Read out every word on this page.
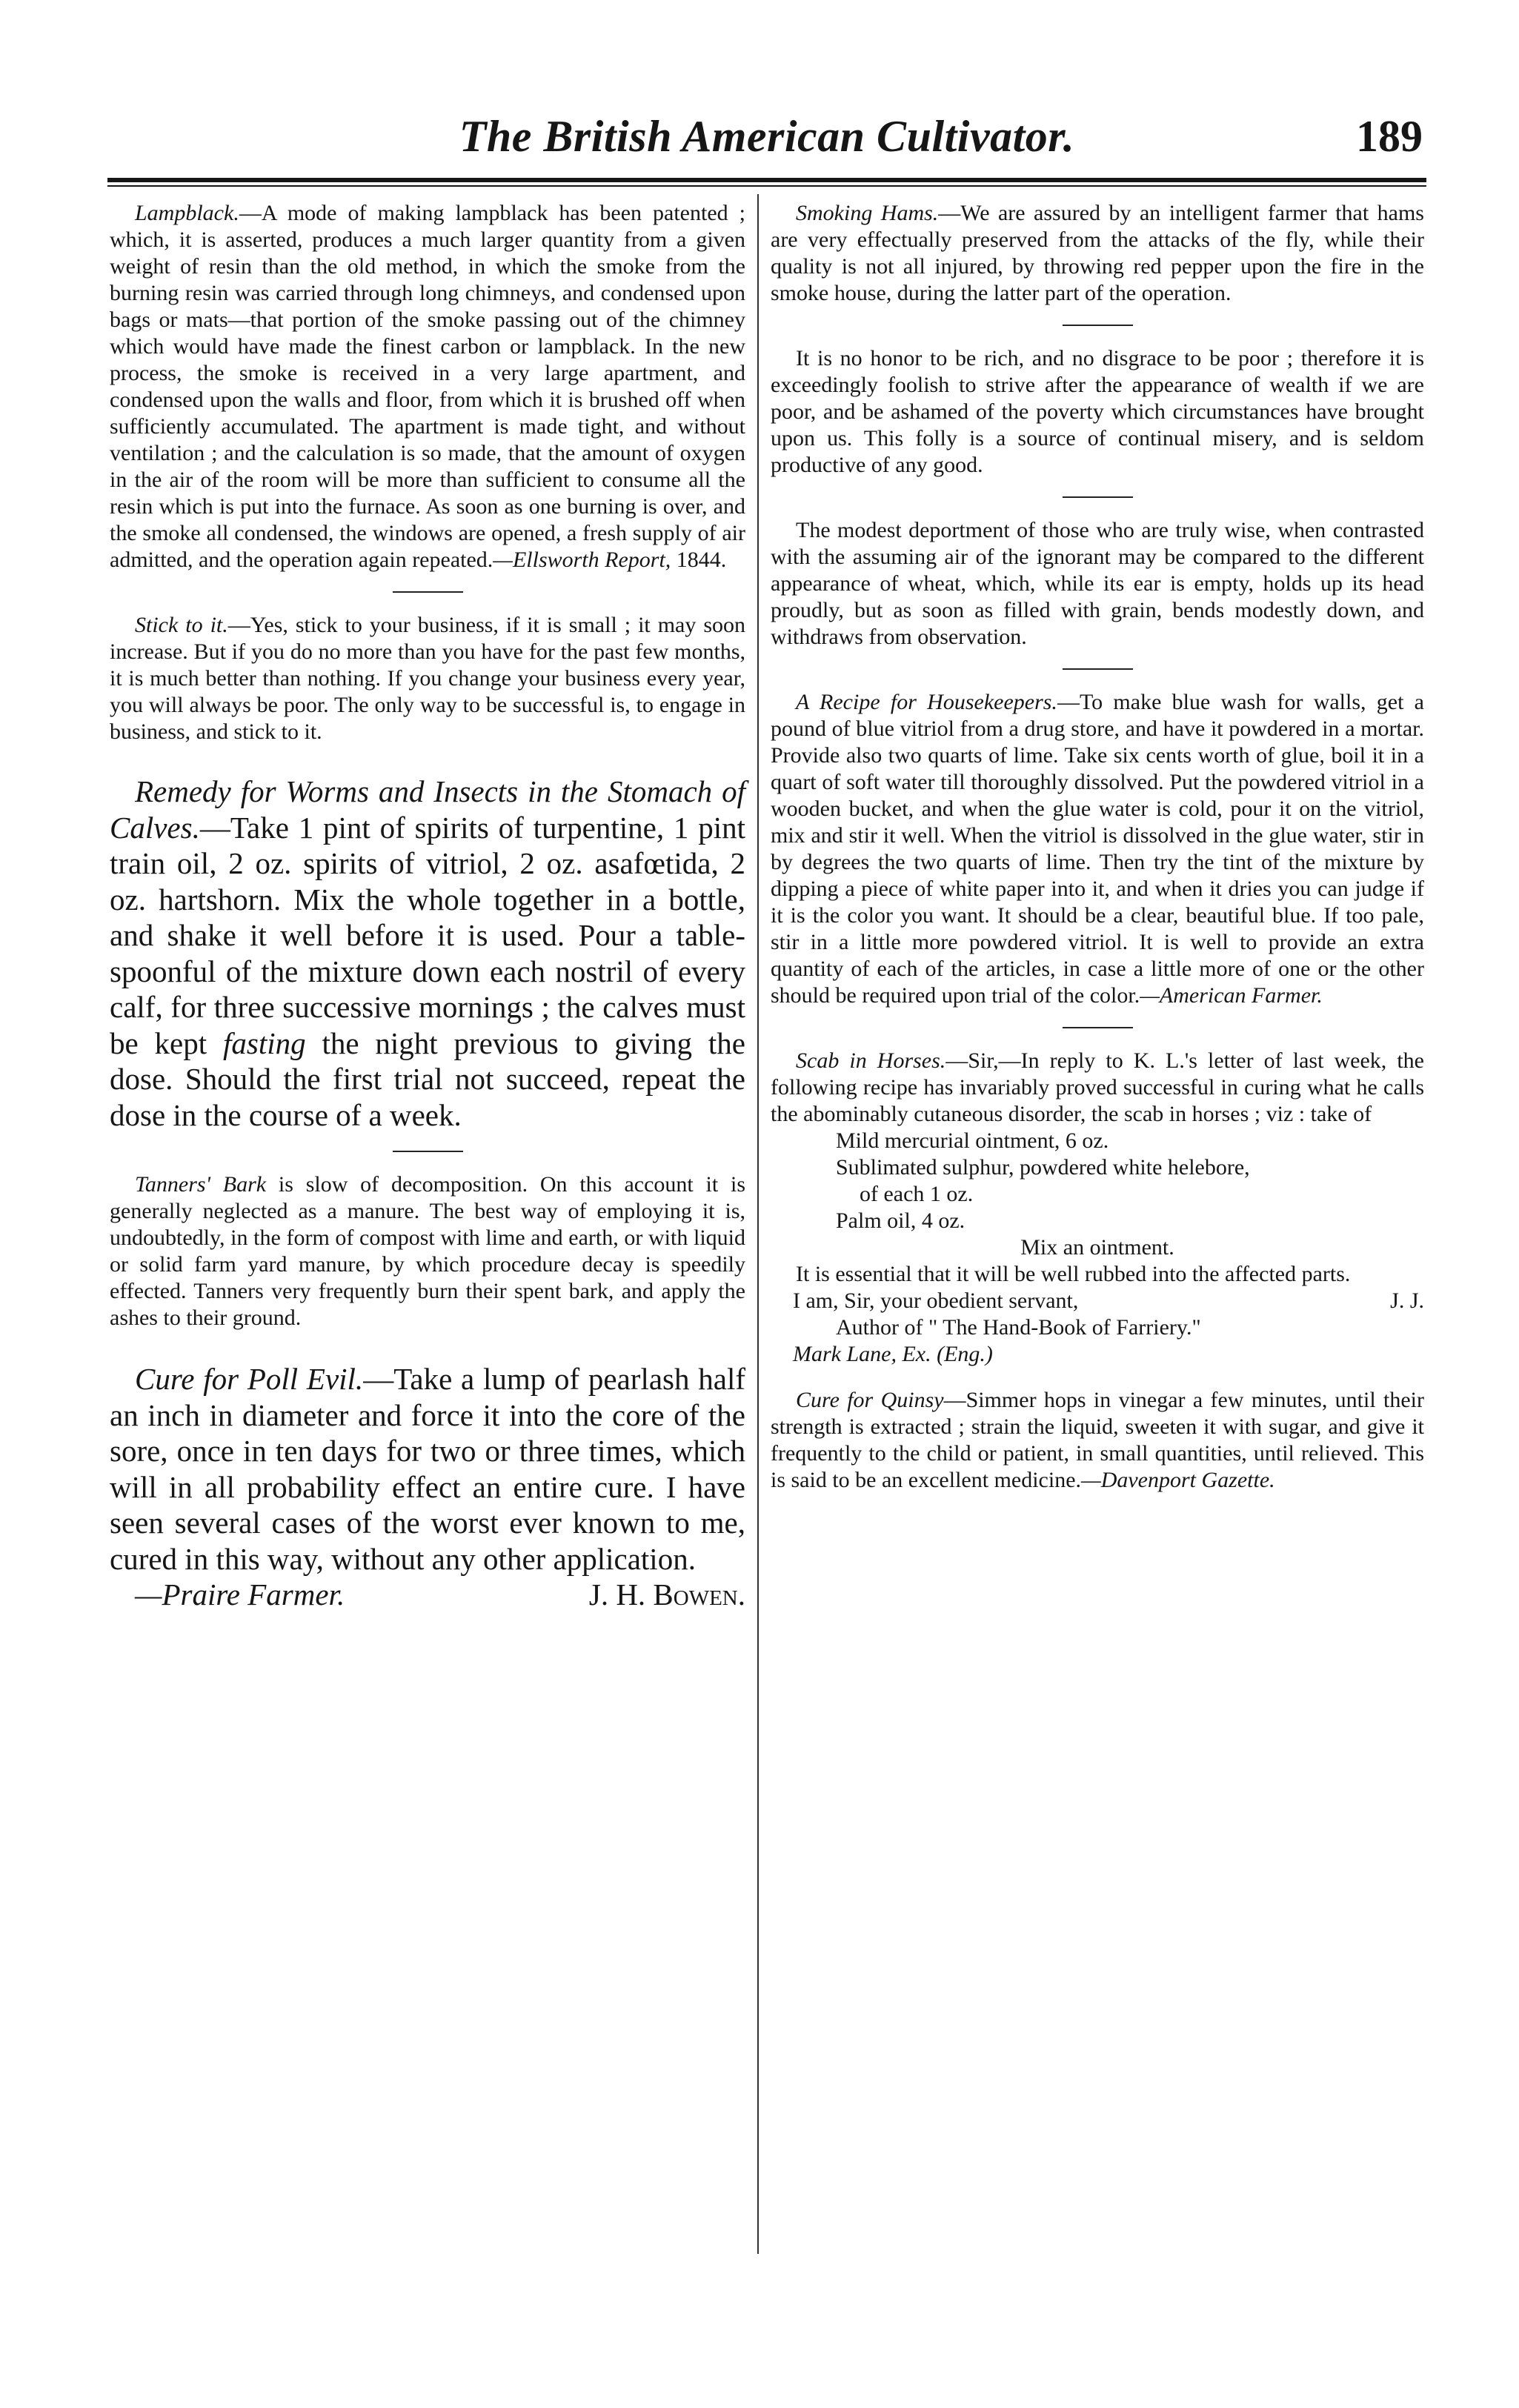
The British American Cultivator.	189

Lampblack.—A mode of making lampblack has been patented ; which, it is asserted, produces a much larger quantity from a given weight of resin than the old method, in which the smoke from the burning resin was carried through long chimneys, and condensed upon bags or mats—that portion of the smoke passing out of the chimney which would have made the finest carbon or lampblack. In the new process, the smoke is received in a very large apartment, and condensed upon the walls and floor, from which it is brushed off when sufficiently accumulated. The apartment is made tight, and without ventilation ; and the calculation is so made, that the amount of oxygen in the air of the room will be more than sufficient to consume all the resin which is put into the furnace. As soon as one burning is over, and the smoke all condensed, the windows are opened, a fresh supply of air admitted, and the operation again repeated.—Ellsworth Report, 1844.

Stick to it.—Yes, stick to your business, if it is small ; it may soon increase. But if you do no more than you have for the past few months, it is much better than nothing. If you change your business every year, you will always be poor. The only way to be successful is, to engage in business, and stick to it.

Remedy for Worms and Insects in the Stomach of Calves.—Take 1 pint of spirits of turpentine, 1 pint train oil, 2 oz. spirits of vitriol, 2 oz. asafœtida, 2 oz. hartshorn. Mix the whole together in a bottle, and shake it well before it is used. Pour a table-spoonful of the mixture down each nostril of every calf, for three successive mornings ; the calves must be kept fasting the night previous to giving the dose. Should the first trial not succeed, repeat the dose in the course of a week.

Tanners' Bark is slow of decomposition. On this account it is generally neglected as a manure. The best way of employing it is, undoubtedly, in the form of compost with lime and earth, or with liquid or solid farm yard manure, by which procedure decay is speedily effected. Tanners very frequently burn their spent bark, and apply the ashes to their ground.

Cure for Poll Evil.—Take a lump of pearlash half an inch in diameter and force it into the core of the sore, once in ten days for two or three times, which will in all probability effect an entire cure. I have seen several cases of the worst ever known to me, cured in this way, without any other application.

—Praire Farmer.	J. H. Bowen.

Smoking Hams.—We are assured by an intelligent farmer that hams are very effectually preserved from the attacks of the fly, while their quality is not all injured, by throwing red pepper upon the fire in the smoke house, during the latter part of the operation.

It is no honor to be rich, and no disgrace to be poor ; therefore it is exceedingly foolish to strive after the appearance of wealth if we are poor, and be ashamed of the poverty which circumstances have brought upon us. This folly is a source of continual misery, and is seldom productive of any good.

The modest deportment of those who are truly wise, when contrasted with the assuming air of the ignorant may be compared to the different appearance of wheat, which, while its ear is empty, holds up its head proudly, but as soon as filled with grain, bends modestly down, and withdraws from observation.

A Recipe for Housekeepers.—To make blue wash for walls, get a pound of blue vitriol from a drug store, and have it powdered in a mortar. Provide also two quarts of lime. Take six cents worth of glue, boil it in a quart of soft water till thoroughly dissolved. Put the powdered vitriol in a wooden bucket, and when the glue water is cold, pour it on the vitriol, mix and stir it well. When the vitriol is dissolved in the glue water, stir in by degrees the two quarts of lime. Then try the tint of the mixture by dipping a piece of white paper into it, and when it dries you can judge if it is the color you want. It should be a clear, beautiful blue. If too pale, stir in a little more powdered vitriol. It is well to provide an extra quantity of each of the articles, in case a little more of one or the other should be required upon trial of the color.—American Farmer.

Scab in Horses.—Sir,—In reply to K. L.'s letter of last week, the following recipe has invariably proved successful in curing what he calls the abominably cutaneous disorder, the scab in horses ; viz : take of

Mild mercurial ointment, 6 oz.

Sublimated sulphur, powdered white helebore,

of each 1 oz.

Palm oil, 4 oz.

Mix an ointment.

It is essential that it will be well rubbed into the affected parts.

I am, Sir, your obedient servant,	J. J.

Author of " The Hand-Book of Farriery."

Mark Lane, Ex. (Eng.)

Cure for Quinsy—Simmer hops in vinegar a few minutes, until their strength is extracted ; strain the liquid, sweeten it with sugar, and give it frequently to the child or patient, in small quantities, until relieved. This is said to be an excellent medicine.—Davenport Gazette.
